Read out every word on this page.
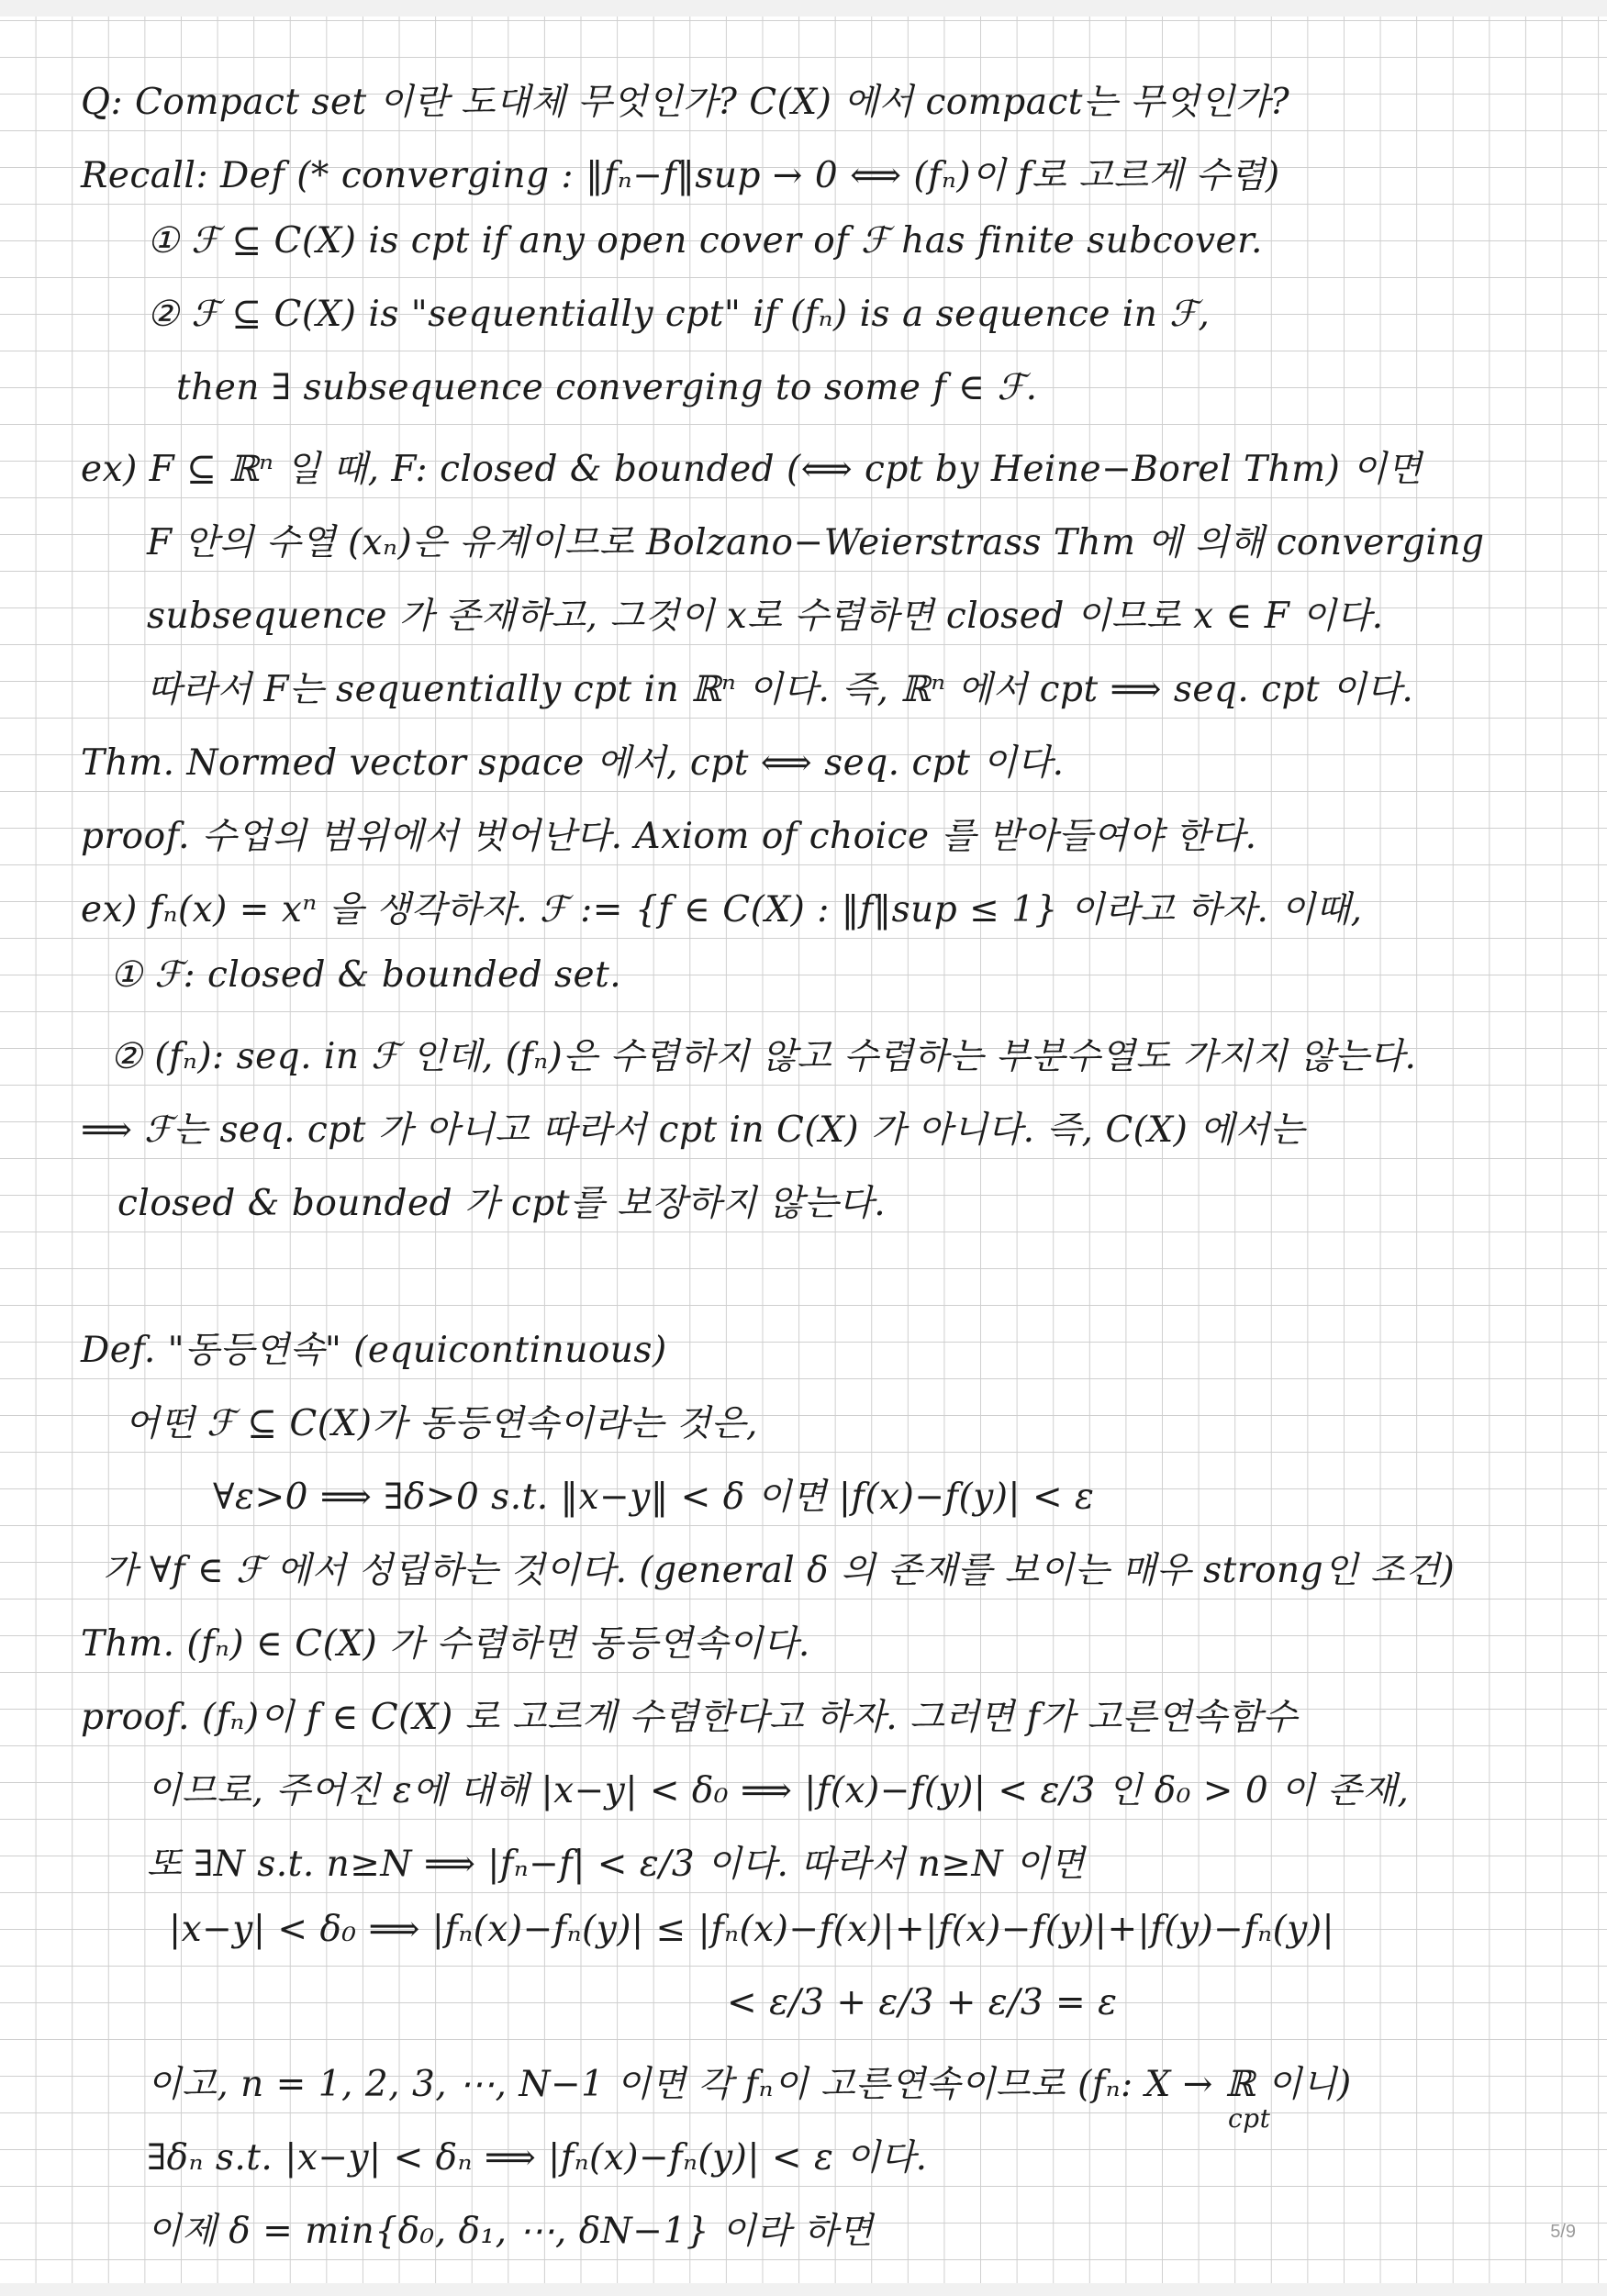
Q: Compact set 이란 도대체 무엇인가? C(X) 에서 compact는 무엇인가?
Recall: Def (* converging : ‖fₙ−f‖sup → 0 ⟺ (fₙ)이 f로 고르게 수렴)
① ℱ ⊆ C(X) is cpt if any open cover of ℱ has finite subcover.
② ℱ ⊆ C(X) is "sequentially cpt" if (fₙ) is a sequence in ℱ,
then ∃ subsequence converging to some f ∈ ℱ.
ex) F ⊆ ℝⁿ 일 때, F: closed & bounded (⟺ cpt by Heine−Borel Thm) 이면
F 안의 수열 (xₙ)은 유계이므로 Bolzano−Weierstrass Thm 에 의해 converging
subsequence 가 존재하고, 그것이 x로 수렴하면 closed 이므로 x ∈ F 이다.
따라서 F는 sequentially cpt in ℝⁿ 이다. 즉, ℝⁿ 에서 cpt ⟹ seq. cpt 이다.
Thm. Normed vector space 에서, cpt ⟺ seq. cpt 이다.
proof. 수업의 범위에서 벗어난다. Axiom of choice 를 받아들여야 한다.
ex) fₙ(x) = xⁿ 을 생각하자. ℱ := {f ∈ C(X) : ‖f‖sup ≤ 1} 이라고 하자. 이때,
① ℱ: closed & bounded set.
② (fₙ): seq. in ℱ 인데, (fₙ)은 수렴하지 않고 수렴하는 부분수열도 가지지 않는다.
⟹ ℱ는 seq. cpt 가 아니고 따라서 cpt in C(X) 가 아니다. 즉, C(X) 에서는
closed & bounded 가 cpt를 보장하지 않는다.
Def. "동등연속" (equicontinuous)
어떤 ℱ ⊆ C(X)가 동등연속이라는 것은,
∀ε>0 ⟹ ∃δ>0 s.t. ‖x−y‖ < δ 이면 |f(x)−f(y)| < ε
가 ∀f ∈ ℱ 에서 성립하는 것이다. (general δ 의 존재를 보이는 매우 strong인 조건)
Thm. (fₙ) ∈ C(X) 가 수렴하면 동등연속이다.
proof. (fₙ)이 f ∈ C(X) 로 고르게 수렴한다고 하자. 그러면 f가 고른연속함수
이므로, 주어진 ε에 대해 |x−y| < δ₀ ⟹ |f(x)−f(y)| < ε/3 인 δ₀ > 0 이 존재,
또 ∃N s.t. n≥N ⟹ |fₙ−f| < ε/3 이다. 따라서 n≥N 이면
|x−y| < δ₀ ⟹ |fₙ(x)−fₙ(y)| ≤ |fₙ(x)−f(x)|+|f(x)−f(y)|+|f(y)−fₙ(y)|
< ε/3 + ε/3 + ε/3 = ε
이고, n = 1, 2, 3, ⋯, N−1 이면 각 fₙ이 고른연속이므로 (fₙ: X → ℝ 이니)
cpt
∃δₙ s.t. |x−y| < δₙ ⟹ |fₙ(x)−fₙ(y)| < ε 이다.
이제 δ = min{δ₀, δ₁, ⋯, δN−1} 이라 하면	5/9
